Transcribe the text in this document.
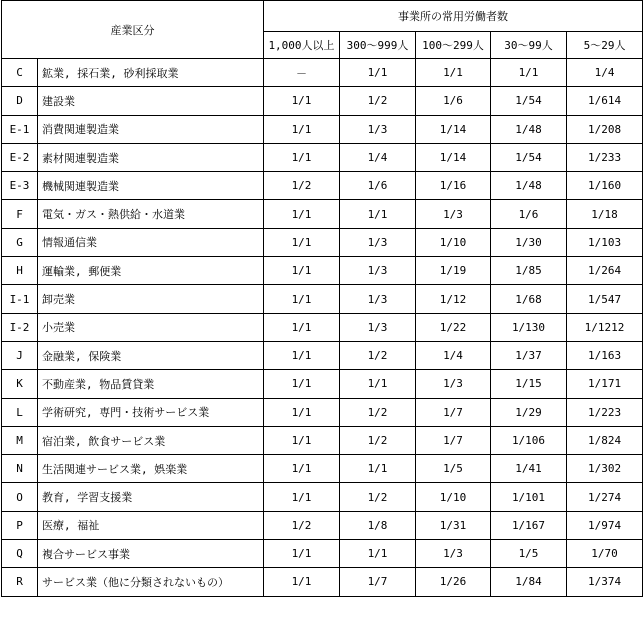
産業区分		事業所の常用労働者数				
		1,000人以上	300～999人	100～299人	30～99人	5～29人
C	鉱業, 採石業, 砂利採取業	－	1/1	1/1	1/1	1/4
D	建設業	1/1	1/2	1/6	1/54	1/614
E-1	消費関連製造業	1/1	1/3	1/14	1/48	1/208
E-2	素材関連製造業	1/1	1/4	1/14	1/54	1/233
E-3	機械関連製造業	1/2	1/6	1/16	1/48	1/160
F	電気・ガス・熱供給・水道業	1/1	1/1	1/3	1/6	1/18
G	情報通信業	1/1	1/3	1/10	1/30	1/103
H	運輸業, 郵便業	1/1	1/3	1/19	1/85	1/264
I-1	卸売業	1/1	1/3	1/12	1/68	1/547
I-2	小売業	1/1	1/3	1/22	1/130	1/1212
J	金融業, 保険業	1/1	1/2	1/4	1/37	1/163
K	不動産業, 物品賃貸業	1/1	1/1	1/3	1/15	1/171
L	学術研究, 専門・技術サービス業	1/1	1/2	1/7	1/29	1/223
M	宿泊業, 飲食サービス業	1/1	1/2	1/7	1/106	1/824
N	生活関連サービス業, 娯楽業	1/1	1/1	1/5	1/41	1/302
O	教育, 学習支援業	1/1	1/2	1/10	1/101	1/274
P	医療, 福祉	1/2	1/8	1/31	1/167	1/974
Q	複合サービス事業	1/1	1/1	1/3	1/5	1/70
R	サービス業（他に分類されないもの）	1/1	1/7	1/26	1/84	1/374
